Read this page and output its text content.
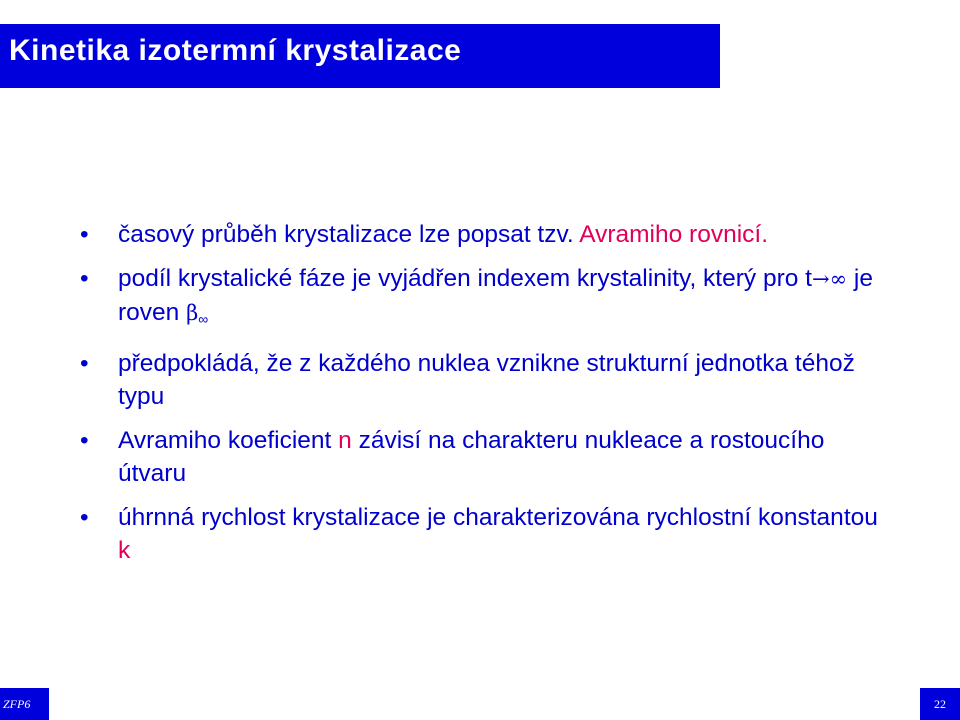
Kinetika izotermní krystalizace
• časový průběh krystalizace lze popsat tzv. Avramiho rovnicí.
• podíl krystalické fáze je vyjádřen indexem krystalinity, který pro t→∞ je roven $\beta_\infty$
• předpokládá, že z každého nuklea vznikne strukturní jednotka téhož typu
• Avramiho koeficient n závisí na charakteru nukleace a rostoucího útvaru
• úhrnná rychlost krystalizace je charakterizována rychlostní konstantou k
ZFP6	22
